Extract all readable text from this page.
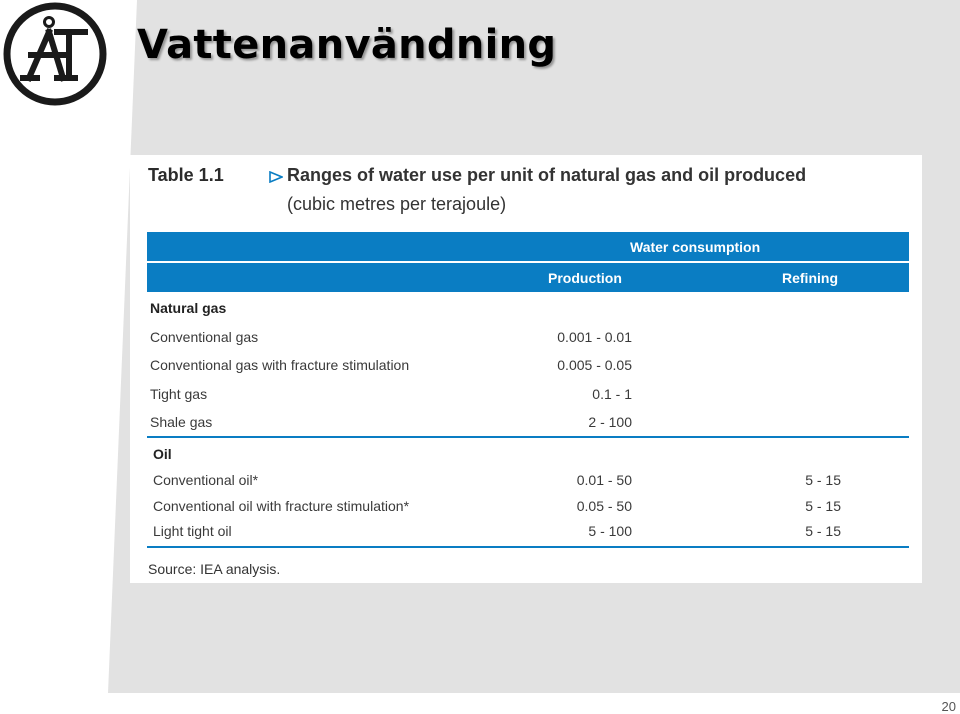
Vattenanvändning
Table 1.1	Ranges of water use per unit of natural gas and oil produced
(cubic metres per terajoule)
Water consumption
Production	Refining
Natural gas
Conventional gas	0.001 - 0.01
Conventional gas with fracture stimulation	0.005 - 0.05
Tight gas	0.1 - 1
Shale gas	2 - 100
Oil
Conventional oil*	0.01 - 50	5 - 15
Conventional oil with fracture stimulation*	0.05 - 50	5 - 15
Light tight oil	5 - 100	5 - 15
Source: IEA analysis.
20
